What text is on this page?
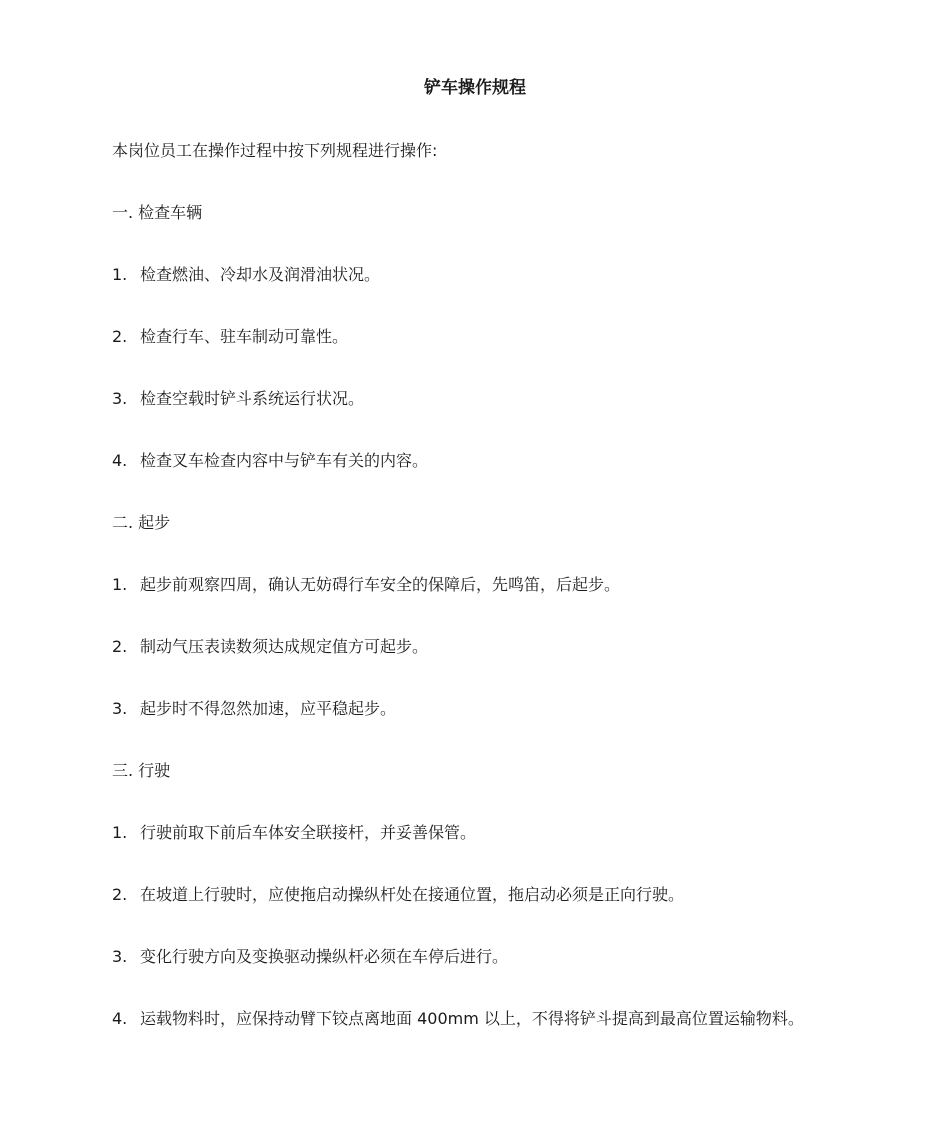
铲车操作规程
本岗位员工在操作过程中按下列规程进行操作:
一. 检查车辆
1. 检查燃油、冷却水及润滑油状况。
2. 检查行车、驻车制动可靠性。
3. 检查空载时铲斗系统运行状况。
4. 检查叉车检查内容中与铲车有关的内容。
二. 起步
1. 起步前观察四周，确认无妨碍行车安全的保障后，先鸣笛，后起步。
2. 制动气压表读数须达成规定值方可起步。
3. 起步时不得忽然加速，应平稳起步。
三. 行驶
1. 行驶前取下前后车体安全联接杆，并妥善保管。
2. 在坡道上行驶时，应使拖启动操纵杆处在接通位置，拖启动必须是正向行驶。
3. 变化行驶方向及变换驱动操纵杆必须在车停后进行。
4. 运载物料时，应保持动臂下铰点离地面 400mm 以上，不得将铲斗提高到最高位置运输物料。
